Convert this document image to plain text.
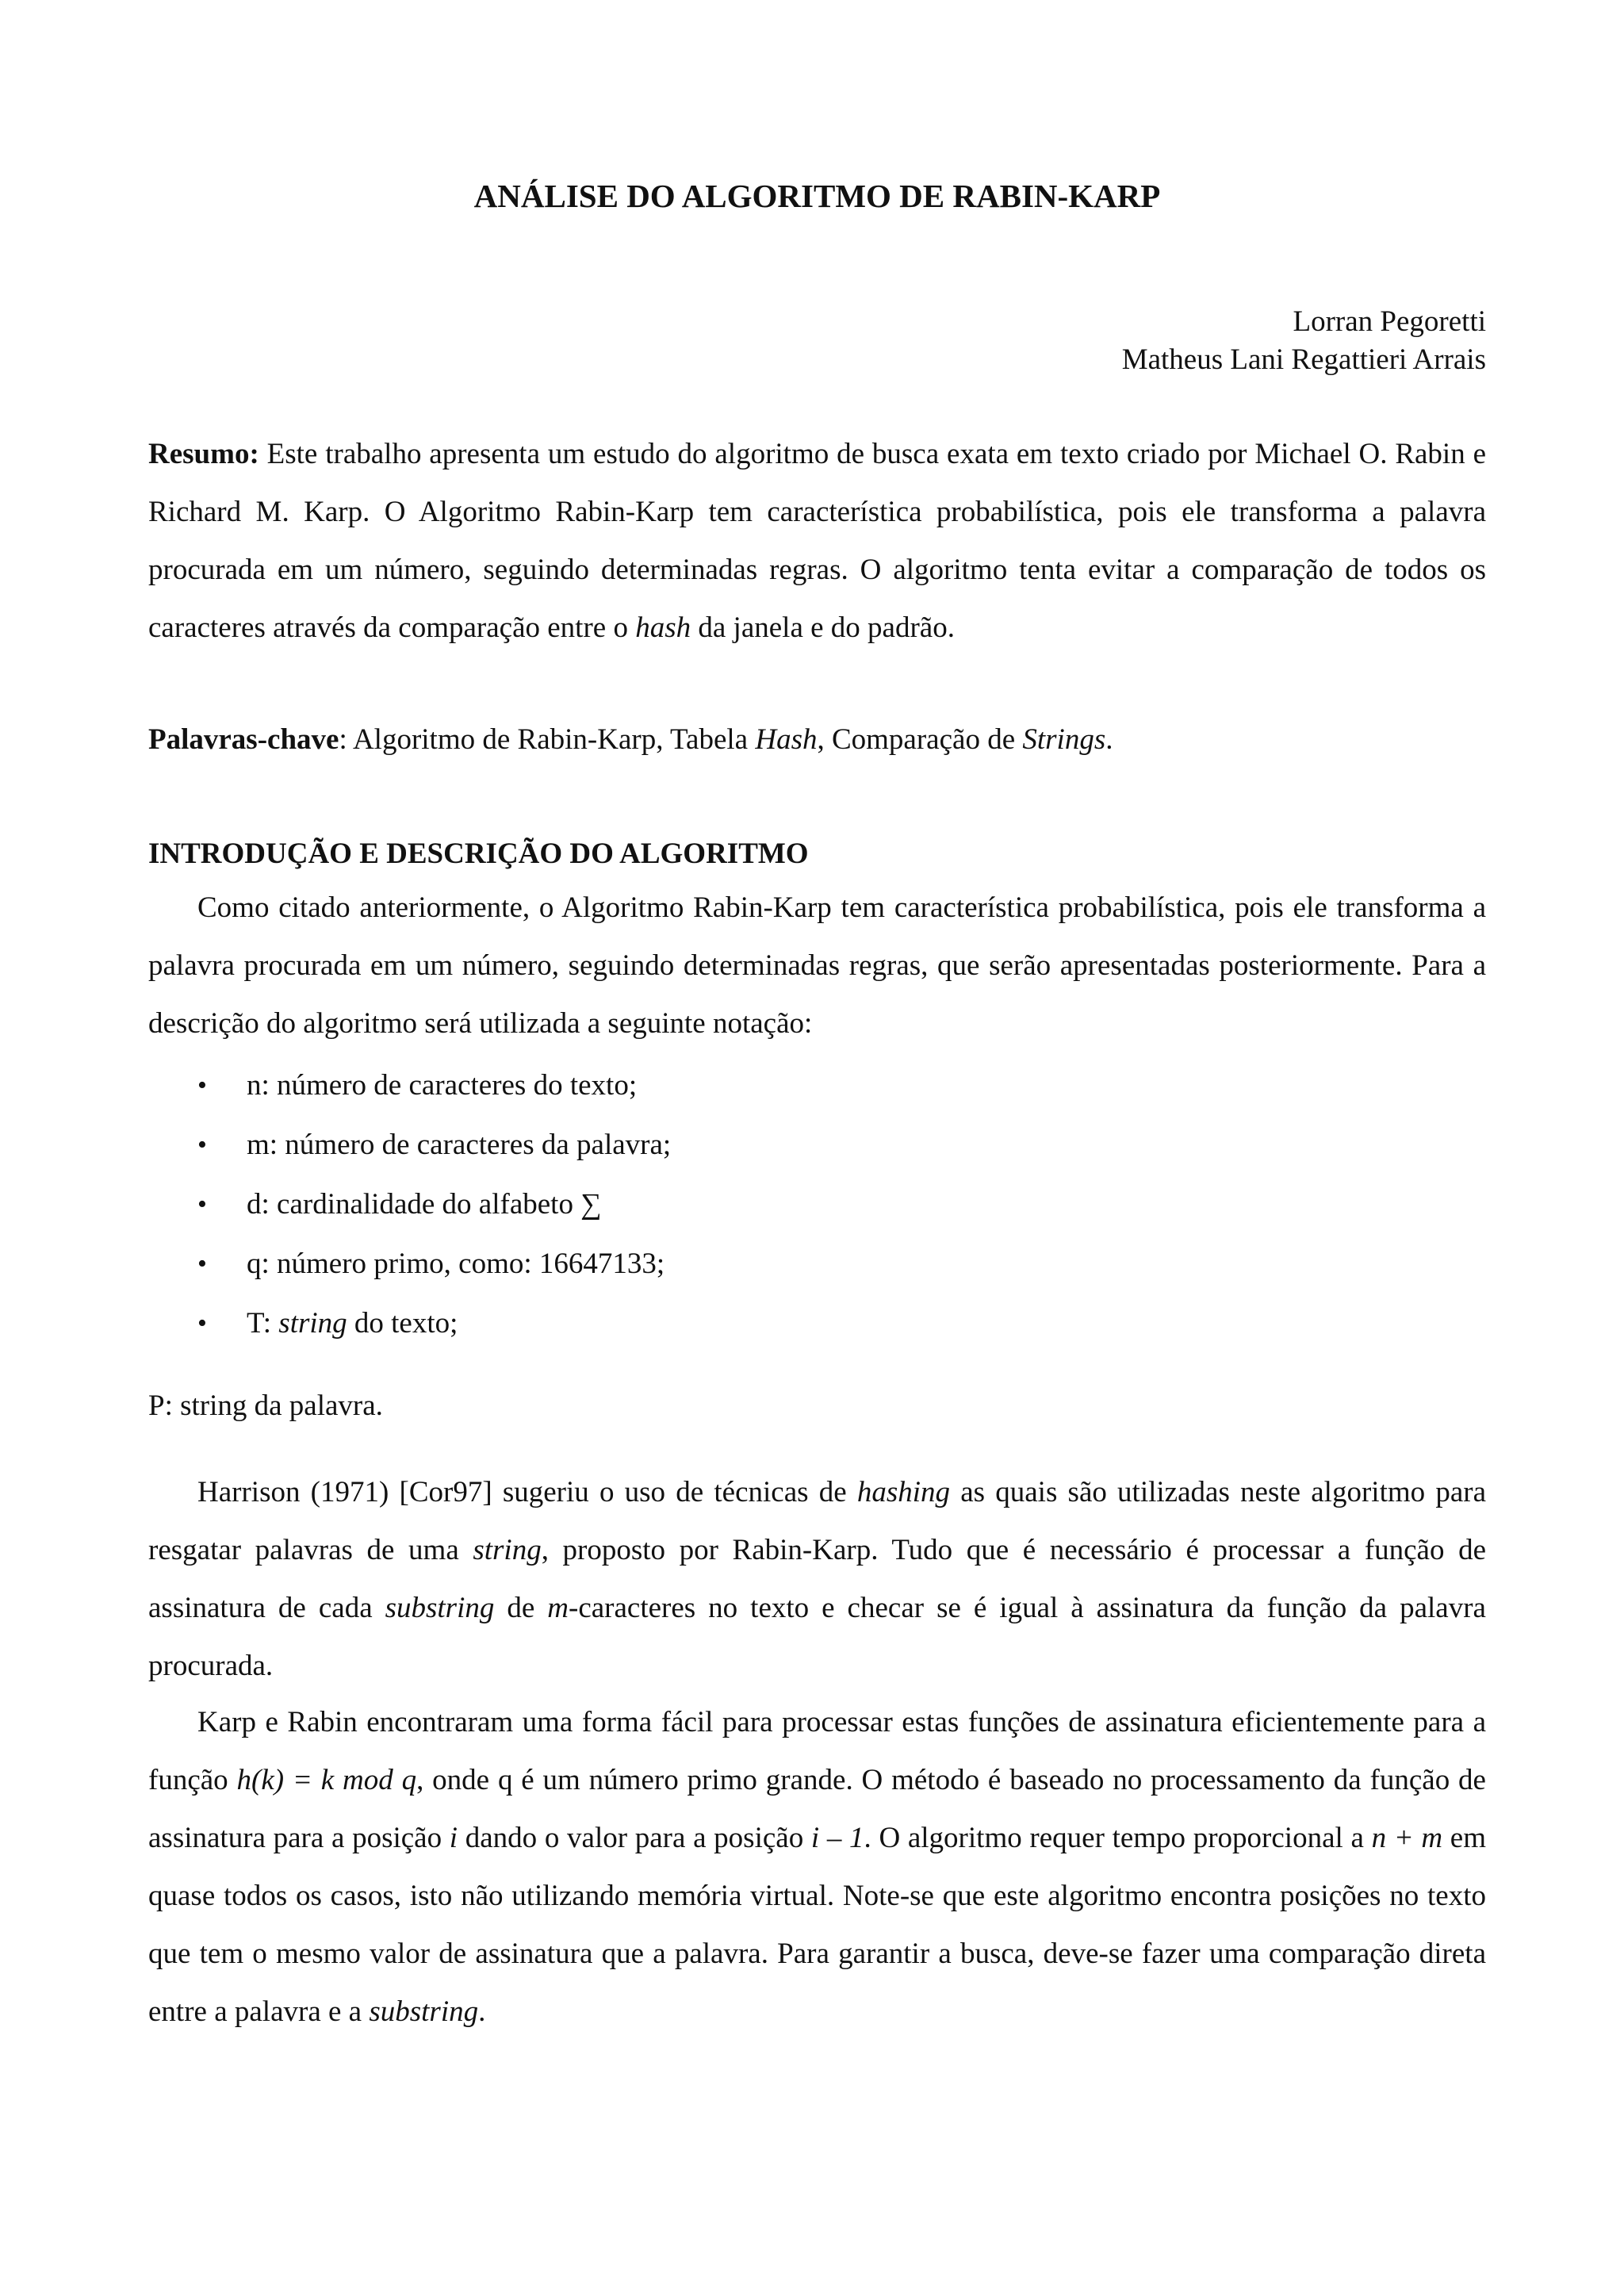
ANÁLISE DO ALGORITMO DE RABIN-KARP
Lorran Pegoretti
Matheus Lani Regattieri Arrais

Resumo: Este trabalho apresenta um estudo do algoritmo de busca exata em texto criado por Michael O. Rabin e Richard M. Karp. O Algoritmo Rabin-Karp tem característica probabilística, pois ele transforma a palavra procurada em um número, seguindo determinadas regras. O algoritmo tenta evitar a comparação de todos os caracteres através da comparação entre o hash da janela e do padrão.

Palavras-chave: Algoritmo de Rabin-Karp, Tabela Hash, Comparação de Strings.

INTRODUÇÃO E DESCRIÇÃO DO ALGORITMO

Como citado anteriormente, o Algoritmo Rabin-Karp tem característica probabilística, pois ele transforma a palavra procurada em um número, seguindo determinadas regras, que serão apresentadas posteriormente. Para a descrição do algoritmo será utilizada a seguinte notação:

• n: número de caracteres do texto;
• m: número de caracteres da palavra;
• d: cardinalidade do alfabeto ∑
• q: número primo, como: 16647133;
• T: string do texto;

P: string da palavra.

Harrison (1971) [Cor97] sugeriu o uso de técnicas de hashing as quais são utilizadas neste algoritmo para resgatar palavras de uma string, proposto por Rabin-Karp. Tudo que é necessário é processar a função de assinatura de cada substring de m-caracteres no texto e checar se é igual à assinatura da função da palavra procurada.

Karp e Rabin encontraram uma forma fácil para processar estas funções de assinatura eficientemente para a função h(k) = k mod q, onde q é um número primo grande. O método é baseado no processamento da função de assinatura para a posição i dando o valor para a posição i – 1. O algoritmo requer tempo proporcional a n + m em quase todos os casos, isto não utilizando memória virtual. Note-se que este algoritmo encontra posições no texto que tem o mesmo valor de assinatura que a palavra. Para garantir a busca, deve-se fazer uma comparação direta entre a palavra e a substring.
